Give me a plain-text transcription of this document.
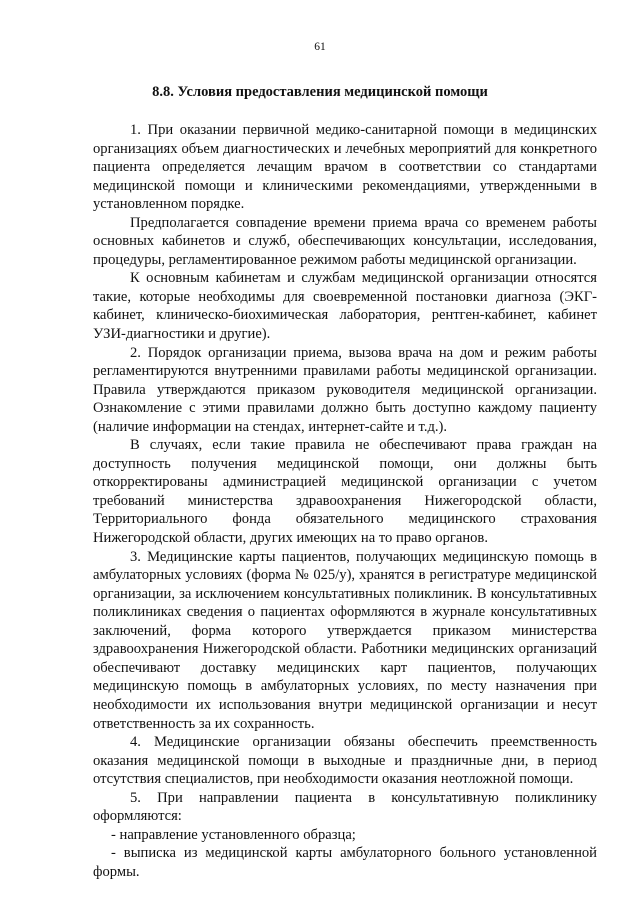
61
8.8. Условия предоставления медицинской помощи

1. При оказании первичной медико-санитарной помощи в медицинских организациях объем диагностических и лечебных мероприятий для конкретного пациента определяется лечащим врачом в соответствии со стандартами медицинской помощи и клиническими рекомендациями, утвержденными в установленном порядке.

Предполагается совпадение времени приема врача со временем работы основных кабинетов и служб, обеспечивающих консультации, исследования, процедуры, регламентированное режимом работы медицинской организации.

К основным кабинетам и службам медицинской организации относятся такие, которые необходимы для своевременной постановки диагноза (ЭКГ-кабинет, клиническо-биохимическая лаборатория, рентген-кабинет, кабинет УЗИ-диагностики и другие).

2. Порядок организации приема, вызова врача на дом и режим работы регламентируются внутренними правилами работы медицинской организации. Правила утверждаются приказом руководителя медицинской организации. Ознакомление с этими правилами должно быть доступно каждому пациенту (наличие информации на стендах, интернет-сайте и т.д.).

В случаях, если такие правила не обеспечивают права граждан на доступность получения медицинской помощи, они должны быть откорректированы администрацией медицинской организации с учетом требований министерства здравоохранения Нижегородской области, Территориального фонда обязательного медицинского страхования Нижегородской области, других имеющих на то право органов.

3. Медицинские карты пациентов, получающих медицинскую помощь в амбулаторных условиях (форма № 025/у), хранятся в регистратуре медицинской организации, за исключением консультативных поликлиник. В консультативных поликлиниках сведения о пациентах оформляются в журнале консультативных заключений, форма которого утверждается приказом министерства здравоохранения Нижегородской области. Работники медицинских организаций обеспечивают доставку медицинских карт пациентов, получающих медицинскую помощь в амбулаторных условиях, по месту назначения при необходимости их использования внутри медицинской организации и несут ответственность за их сохранность.

4. Медицинские организации обязаны обеспечить преемственность оказания медицинской помощи в выходные и праздничные дни, в период отсутствия специалистов, при необходимости оказания неотложной помощи.

5. При направлении пациента в консультативную поликлинику оформляются:

- направление установленного образца;

- выписка из медицинской карты амбулаторного больного установленной формы.
